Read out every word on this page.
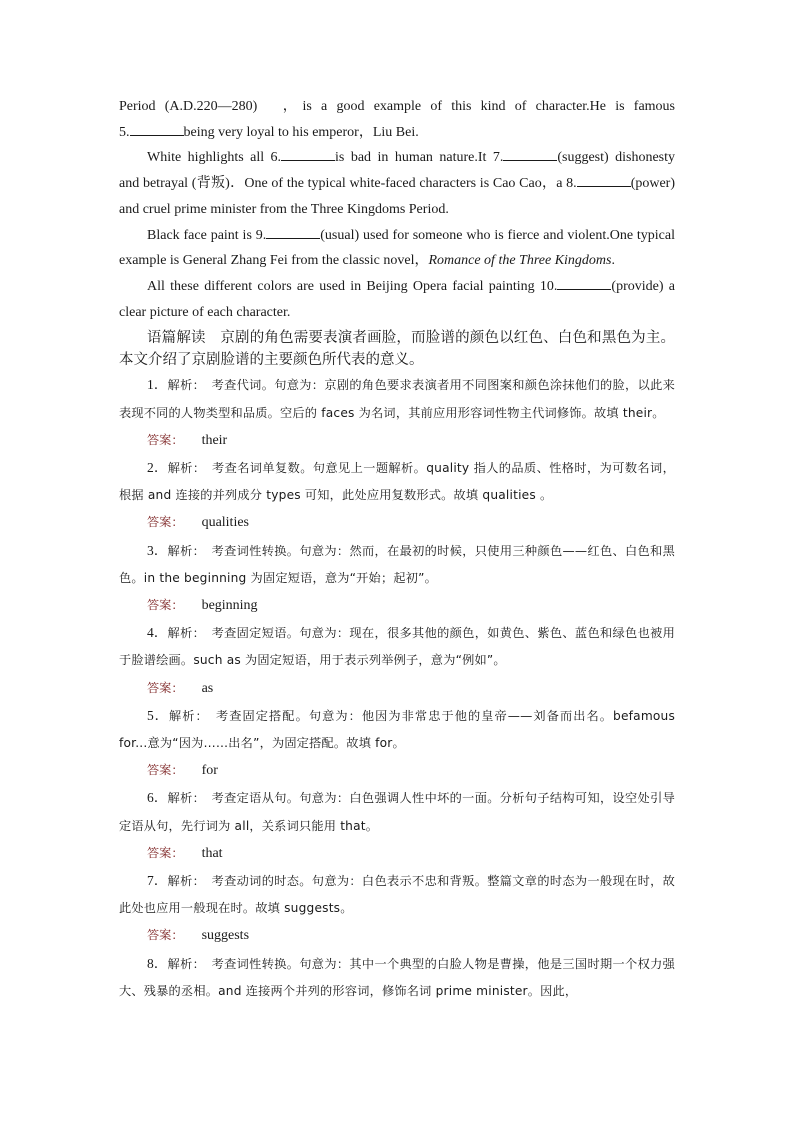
Period (A.D.220—280)　，is a good example of this kind of character.He is famous

5.	being very loyal to his emperor，Liu Bei.

White highlights all 6.	is bad in human nature.It 7.	(suggest) dishonesty

and betrayal (背叛)．One of the typical white-faced characters is Cao Cao，a 8.	(power)

and cruel prime minister from the Three Kingdoms Period.

Black face paint is 9.	(usual) used for someone who is fierce and violent.One typical

example is General Zhang Fei from the classic novel，Romance of the Three Kingdoms.

All these different colors are used in Beijing Opera facial painting 10.	(provide) a

clear picture of each character.

语篇解读　京剧的角色需要表演者画脸，而脸谱的颜色以红色、白色和黑色为主。本文介绍了京剧脸谱的主要颜色所代表的意义。

1．解析：　 考查代词。句意为：京剧的角色要求表演者用不同图案和颜色涂抹他们的脸，以此来表现不同的人物类型和品质。空后的 faces 为名词，其前应用形容词性物主代词修饰。故填 their。

答案： their

2．解析：　 考查名词单复数。句意见上一题解析。quality 指人的品质、性格时，为可数名词，根据 and 连接的并列成分 types 可知，此处应用复数形式。故填 qualities 。

答案： qualities

3．解析：　 考查词性转换。句意为：然而，在最初的时候，只使用三种颜色——红色、白色和黑色。in the beginning 为固定短语，意为“开始；起初”。

答案： beginning

4．解析：　 考查固定短语。句意为：现在，很多其他的颜色，如黄色、紫色、蓝色和绿色也被用于脸谱绘画。such as 为固定短语，用于表示列举例子，意为“例如”。

答案： as

5．解析：　 考查固定搭配。句意为：他因为非常忠于他的皇帝——刘备而出名。befamous for...意为“因为……出名”，为固定搭配。故填 for。

答案： for

6．解析：　 考查定语从句。句意为：白色强调人性中坏的一面。分析句子结构可知，设空处引导定语从句，先行词为 all，关系词只能用 that。

答案： that

7．解析：　 考查动词的时态。句意为：白色表示不忠和背叛。整篇文章的时态为一般现在时，故此处也应用一般现在时。故填 suggests。

答案： suggests

8．解析：　 考查词性转换。句意为：其中一个典型的白脸人物是曹操，他是三国时期一个权力强大、残暴的丞相。and 连接两个并列的形容词，修饰名词 prime minister。因此，
